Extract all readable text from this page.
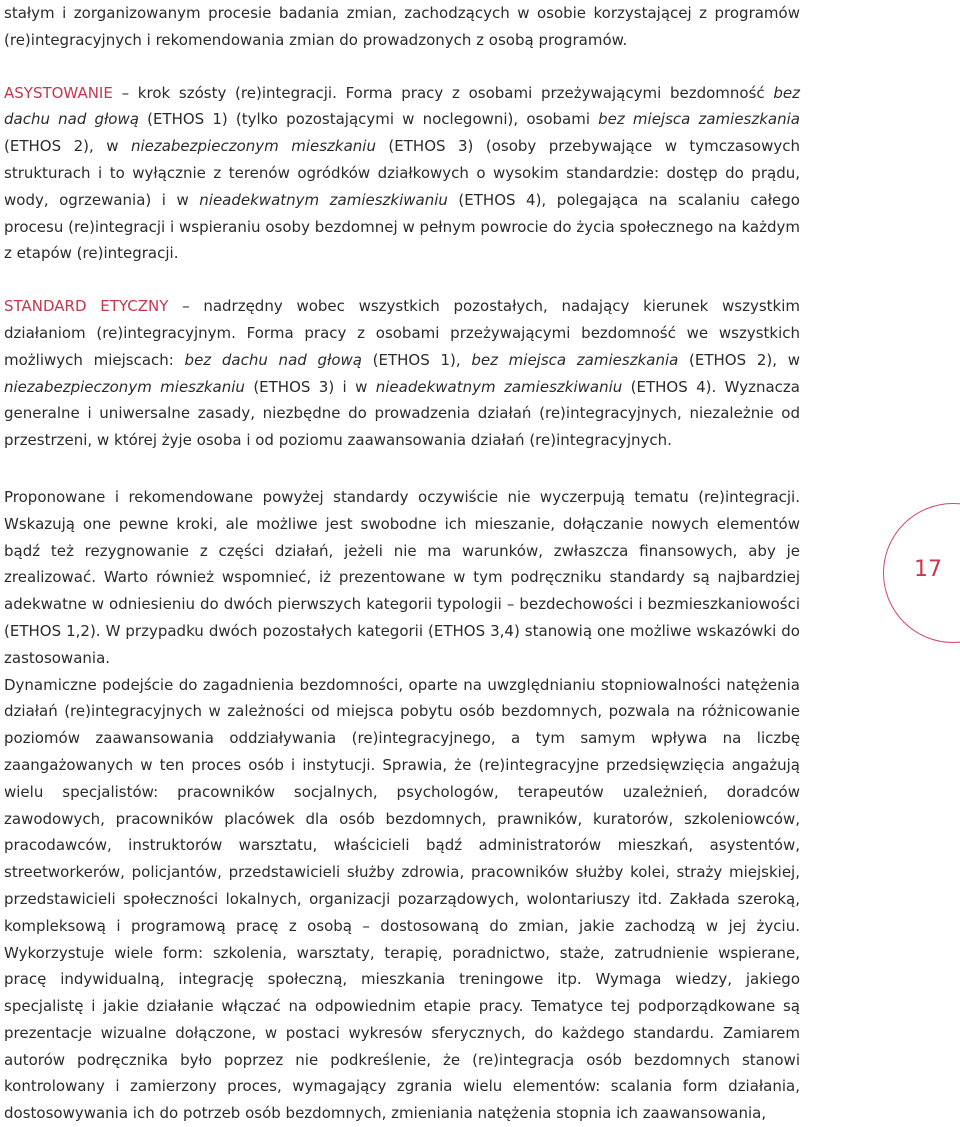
stałym i zorganizowanym procesie badania zmian, zachodzących w osobie korzystającej z programów (re)integracyjnych i rekomendowania zmian do prowadzonych z osobą programów.

ASYSTOWANIE – krok szósty (re)integracji. Forma pracy z osobami przeżywającymi bezdomność bez dachu nad głową (ETHOS 1) (tylko pozostającymi w noclegowni), osobami bez miejsca zamieszkania (ETHOS 2), w niezabezpieczonym mieszkaniu (ETHOS 3) (osoby przebywające w tymczasowych strukturach i to wyłącznie z terenów ogródków działkowych o wysokim standardzie: dostęp do prądu, wody, ogrzewania) i w nieadekwatnym zamieszkiwaniu (ETHOS 4), polegająca na scalaniu całego procesu (re)integracji i wspieraniu osoby bezdomnej w pełnym powrocie do życia społecznego na każdym z etapów (re)integracji.

STANDARD ETYCZNY – nadrzędny wobec wszystkich pozostałych, nadający kierunek wszystkim działaniom (re)integracyjnym. Forma pracy z osobami przeżywającymi bezdomność we wszystkich możliwych miejscach: bez dachu nad głową (ETHOS 1), bez miejsca zamieszkania (ETHOS 2), w niezabezpieczonym mieszkaniu (ETHOS 3) i w nieadekwatnym zamieszkiwaniu (ETHOS 4). Wyznacza generalne i uniwersalne zasady, niezbędne do prowadzenia działań (re)integracyjnych, niezależnie od przestrzeni, w której żyje osoba i od poziomu zaawansowania działań (re)integracyjnych.

Proponowane i rekomendowane powyżej standardy oczywiście nie wyczerpują tematu (re)integracji. Wskazują one pewne kroki, ale możliwe jest swobodne ich mieszanie, dołączanie nowych elementów bądź też rezygnowanie z części działań, jeżeli nie ma warunków, zwłaszcza finansowych, aby je zrealizować. Warto również wspomnieć, iż prezentowane w tym podręczniku standardy są najbardziej adekwatne w odniesieniu do dwóch pierwszych kategorii typologii – bezdechowości i bezmieszkaniowości (ETHOS 1,2). W przypadku dwóch pozostałych kategorii (ETHOS 3,4) stanowią one możliwe wskazówki do zastosowania.

Dynamiczne podejście do zagadnienia bezdomności, oparte na uwzględnianiu stopniowalności natężenia działań (re)integracyjnych w zależności od miejsca pobytu osób bezdomnych, pozwala na różnicowanie poziomów zaawansowania oddziaływania (re)integracyjnego, a tym samym wpływa na liczbę zaangażowanych w ten proces osób i instytucji. Sprawia, że (re)integracyjne przedsięwzięcia angażują wielu specjalistów: pracowników socjalnych, psychologów, terapeutów uzależnień, doradców zawodowych, pracowników placówek dla osób bezdomnych, prawników, kuratorów, szkoleniowców, pracodawców, instruktorów warsztatu, właścicieli bądź administratorów mieszkań, asystentów, streetworkerów, policjantów, przedstawicieli służby zdrowia, pracowników służby kolei, straży miejskiej, przedstawicieli społeczności lokalnych, organizacji pozarządowych, wolontariuszy itd. Zakłada szeroką, kompleksową i programową pracę z osobą – dostosowaną do zmian, jakie zachodzą w jej życiu. Wykorzystuje wiele form: szkolenia, warsztaty, terapię, poradnictwo, staże, zatrudnienie wspierane, pracę indywidualną, integrację społeczną, mieszkania treningowe itp. Wymaga wiedzy, jakiego specjalistę i jakie działanie włączać na odpowiednim etapie pracy. Tematyce tej podporządkowane są prezentacje wizualne dołączone, w postaci wykresów sferycznych, do każdego standardu. Zamiarem autorów podręcznika było poprzez nie podkreślenie, że (re)integracja osób bezdomnych stanowi kontrolowany i zamierzony proces, wymagający zgrania wielu elementów: scalania form działania, dostosowywania ich do potrzeb osób bezdomnych, zmieniania natężenia stopnia ich zaawansowania,

17
